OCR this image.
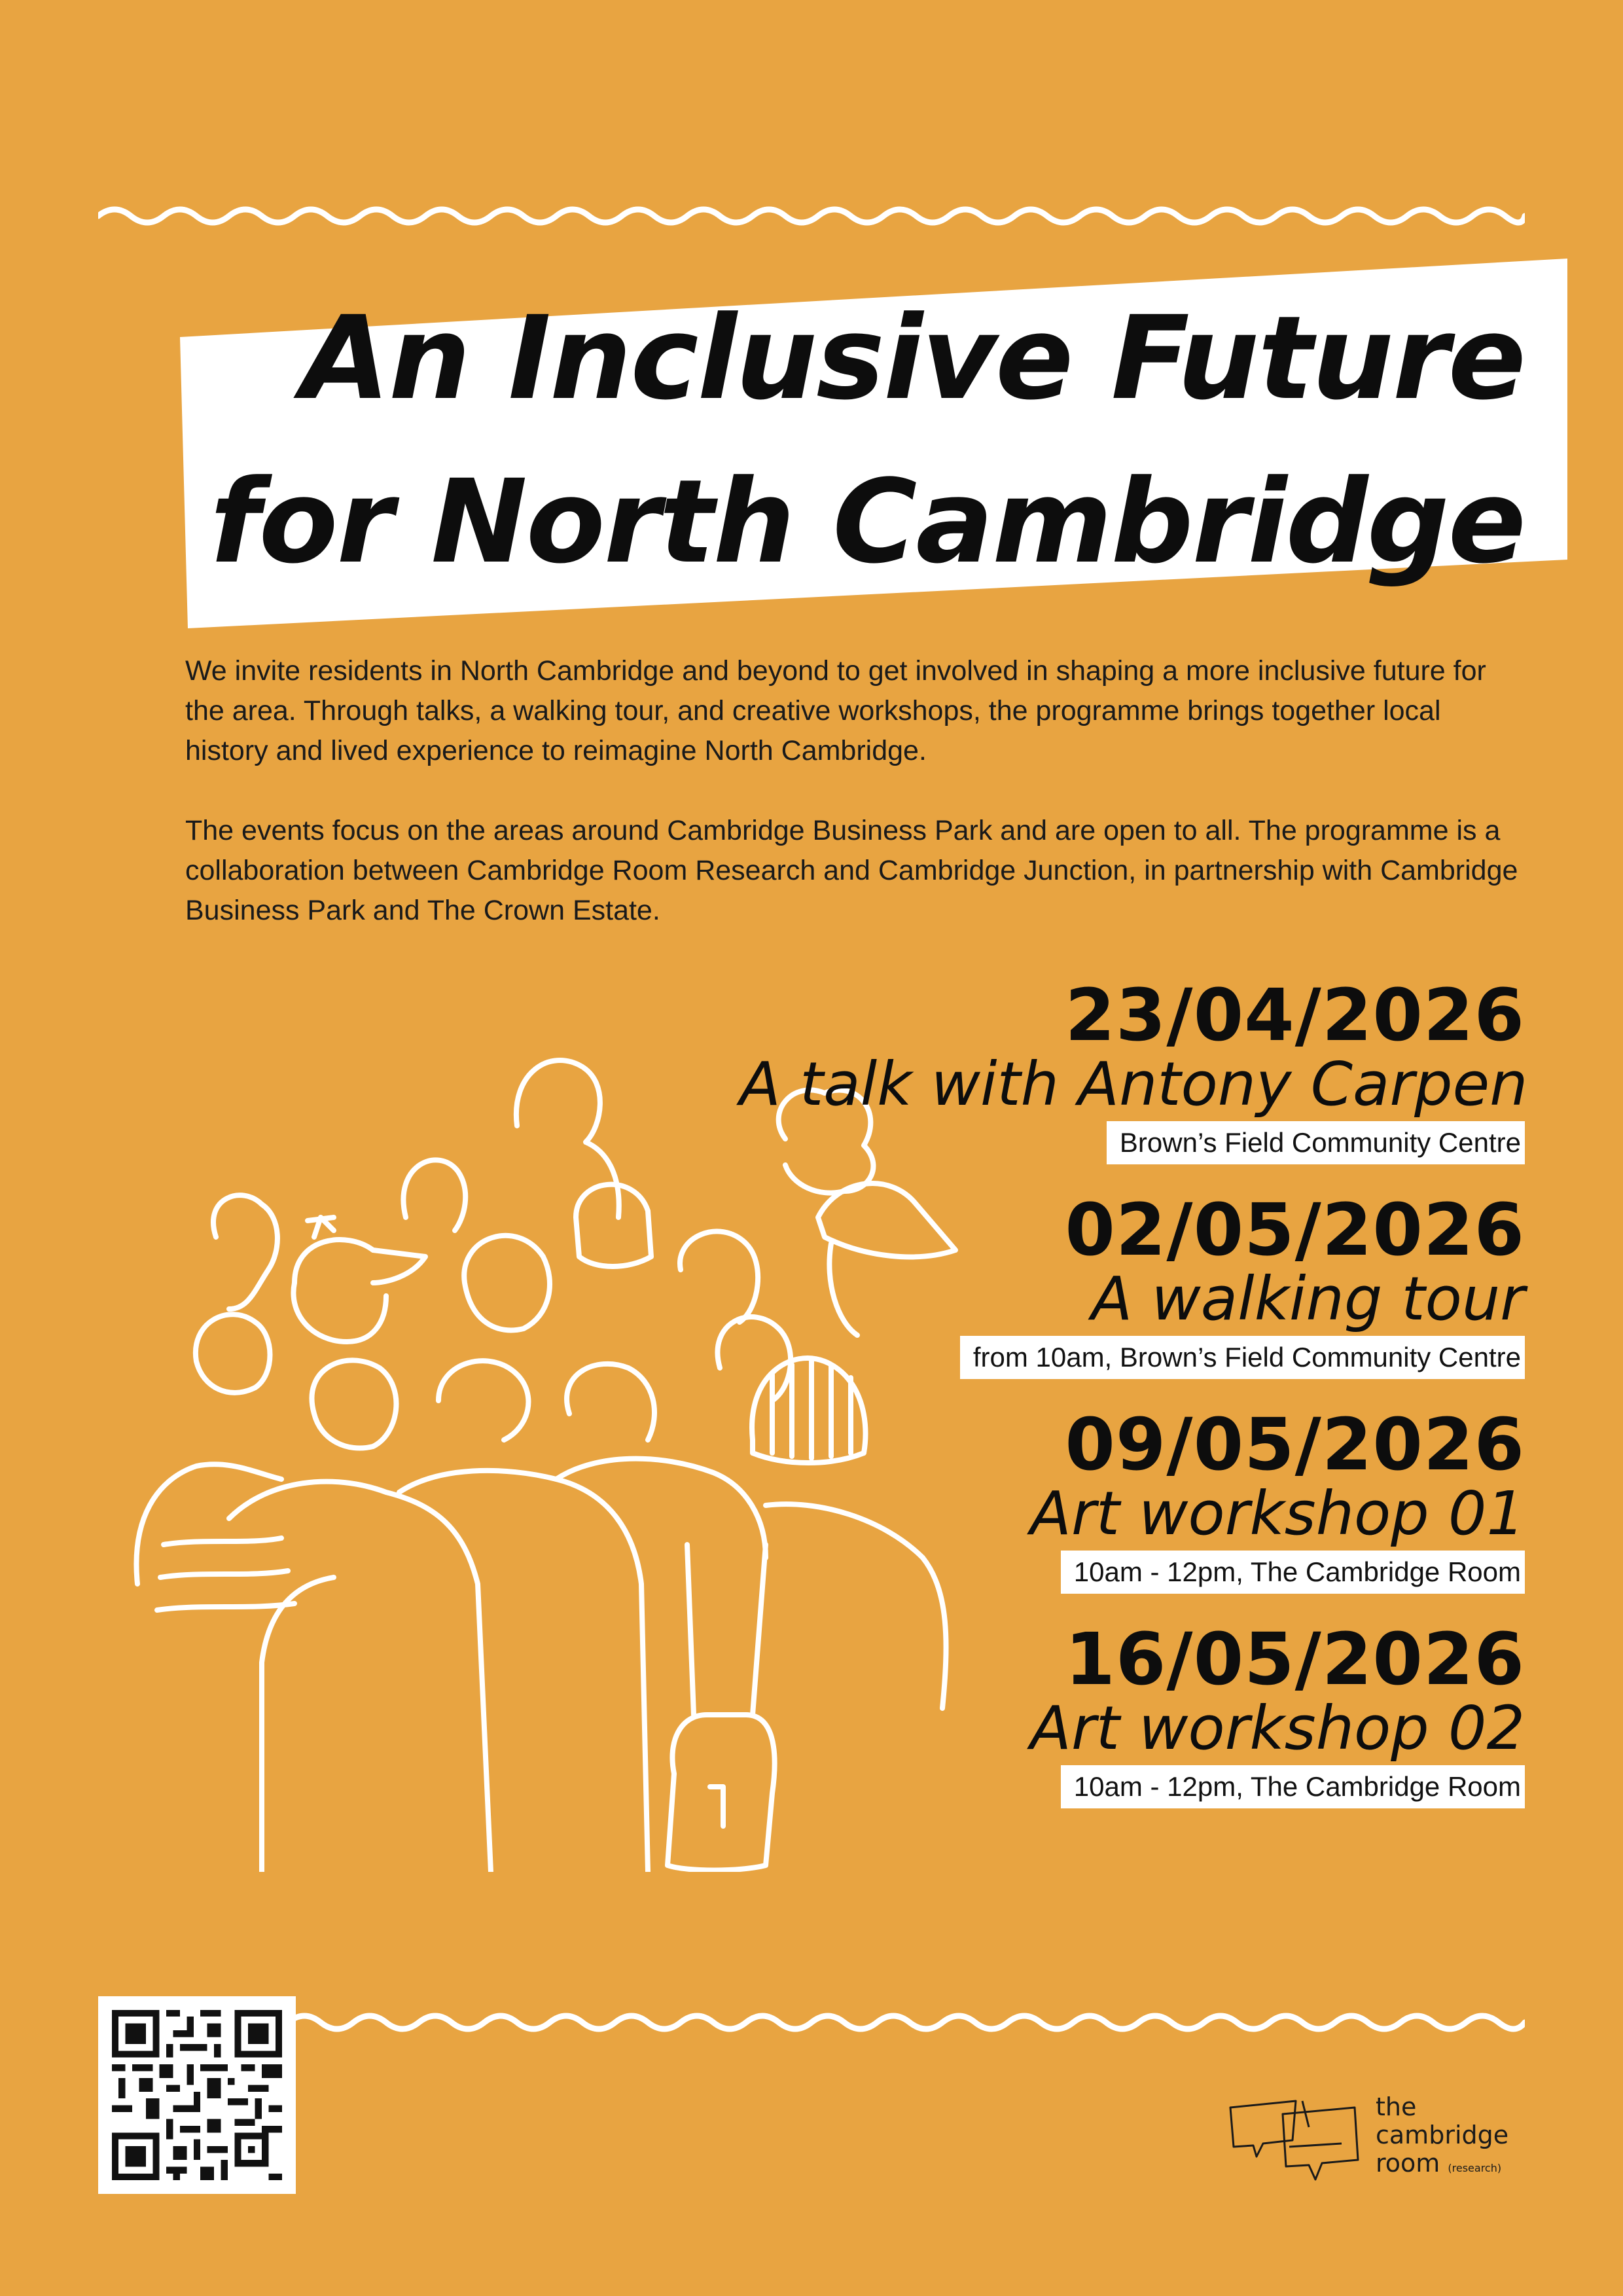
An Inclusive Future
for North Cambridge

We invite residents in North Cambridge and beyond to get involved in shaping a more inclusive future for the area. Through talks, a walking tour, and creative workshops, the programme brings together local history and lived experience to reimagine North Cambridge.

The events focus on the areas around Cambridge Business Park and are open to all. The programme is a collaboration between Cambridge Room Research and Cambridge Junction, in partnership with Cambridge Business Park and The Crown Estate.

23/04/2026
A talk with Antony Carpen
Brown’s Field Community Centre
02/05/2026
A walking tour
from 10am, Brown’s Field Community Centre
09/05/2026
Art workshop 01
10am - 12pm, The Cambridge Room
16/05/2026
Art workshop 02
10am - 12pm, The Cambridge Room
the
cambridge
room (research)
